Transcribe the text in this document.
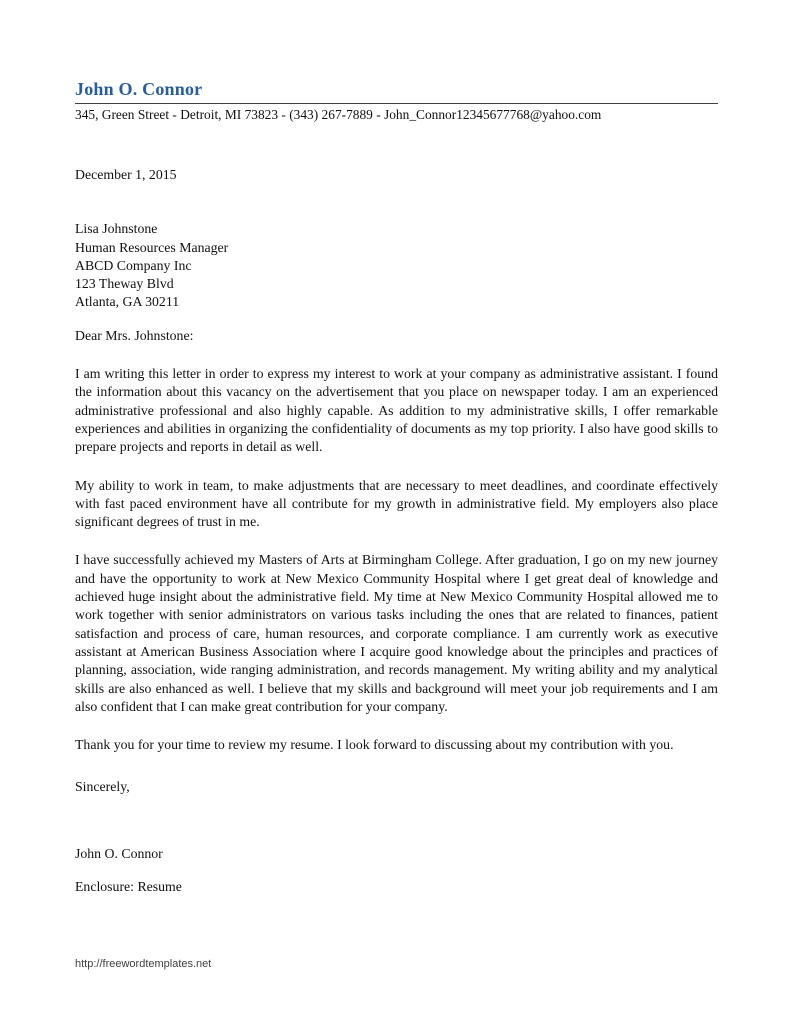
John O. Connor

345, Green Street - Detroit, MI 73823 - (343) 267-7889 - John_Connor12345677768@yahoo.com

December 1, 2015

Lisa Johnstone
Human Resources Manager
ABCD Company Inc
123 Theway Blvd
Atlanta, GA 30211

Dear Mrs. Johnstone:

I am writing this letter in order to express my interest to work at your company as administrative assistant. I found the information about this vacancy on the advertisement that you place on newspaper today. I am an experienced administrative professional and also highly capable. As addition to my administrative skills, I offer remarkable experiences and abilities in organizing the confidentiality of documents as my top priority. I also have good skills to prepare projects and reports in detail as well.

My ability to work in team, to make adjustments that are necessary to meet deadlines, and coordinate effectively with fast paced environment have all contribute for my growth in administrative field. My employers also place significant degrees of trust in me.

I have successfully achieved my Masters of Arts at Birmingham College. After graduation, I go on my new journey and have the opportunity to work at New Mexico Community Hospital where I get great deal of knowledge and achieved huge insight about the administrative field. My time at New Mexico Community Hospital allowed me to work together with senior administrators on various tasks including the ones that are related to finances, patient satisfaction and process of care, human resources, and corporate compliance. I am currently work as executive assistant at American Business Association where I acquire good knowledge about the principles and practices of planning, association, wide ranging administration, and records management. My writing ability and my analytical skills are also enhanced as well. I believe that my skills and background will meet your job requirements and I am also confident that I can make great contribution for your company.

Thank you for your time to review my resume. I look forward to discussing about my contribution with you.

Sincerely,

John O. Connor

Enclosure: Resume

http://freewordtemplates.net
